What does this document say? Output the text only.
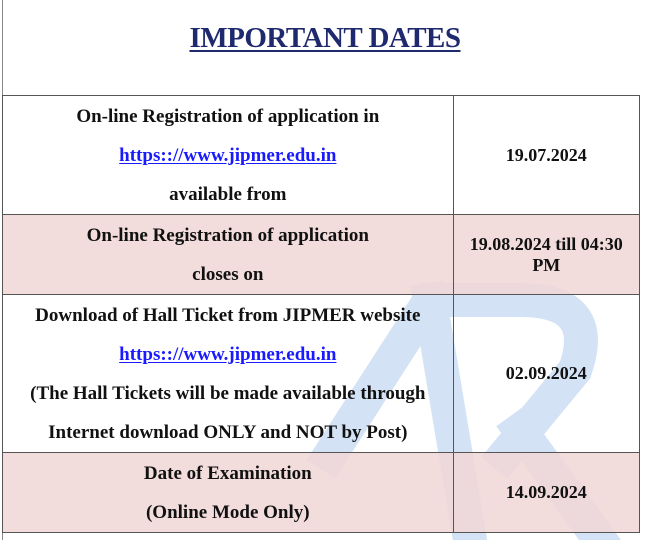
IMPORTANT DATES
On-line Registration of application in
https:://www.jipmer.edu.in
available from	19.07.2024

On-line Registration of application
closes on	19.08.2024 till 04:30 PM

Download of Hall Ticket from JIPMER website
https:://www.jipmer.edu.in
(The Hall Tickets will be made available through
Internet download ONLY and NOT by Post)	02.09.2024

Date of Examination
(Online Mode Only)	14.09.2024
